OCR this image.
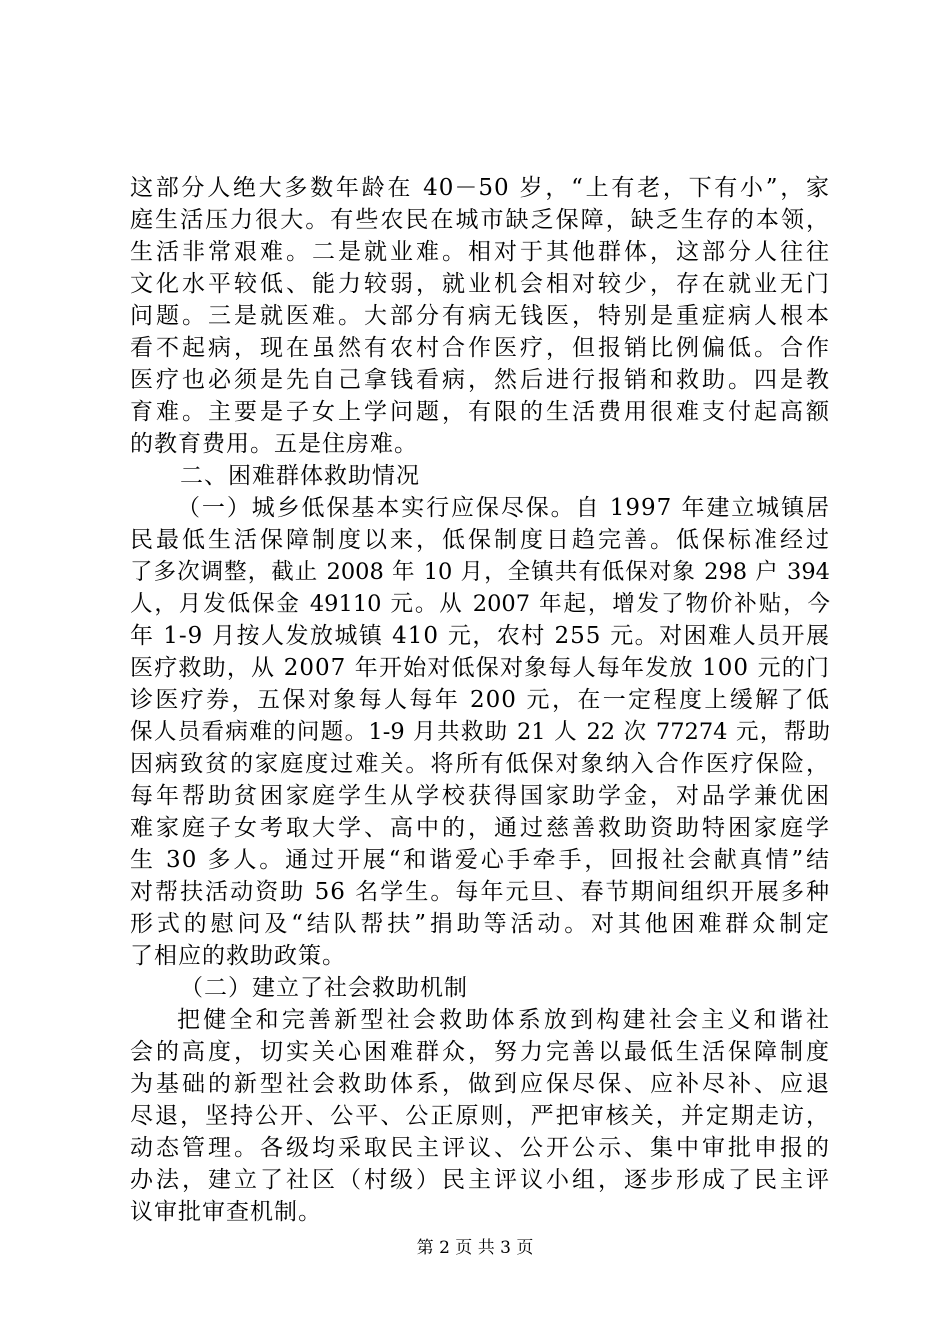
这部分人绝大多数年龄在 40－50 岁，“上有老，下有小”，家
庭生活压力很大。有些农民在城市缺乏保障，缺乏生存的本领，
生活非常艰难。二是就业难。相对于其他群体，这部分人往往
文化水平较低、能力较弱，就业机会相对较少，存在就业无门
问题。三是就医难。大部分有病无钱医，特别是重症病人根本
看不起病，现在虽然有农村合作医疗，但报销比例偏低。合作
医疗也必须是先自己拿钱看病，然后进行报销和救助。四是教
育难。主要是子女上学问题，有限的生活费用很难支付起高额
的教育费用。五是住房难。
二、困难群体救助情况
（一）城乡低保基本实行应保尽保。自 1997 年建立城镇居
民最低生活保障制度以来，低保制度日趋完善。低保标准经过
了多次调整，截止 2008 年 10 月，全镇共有低保对象 298 户 394
人，月发低保金 49110 元。从 2007 年起，增发了物价补贴，今
年 1-9 月按人发放城镇 410 元，农村 255 元。对困难人员开展
医疗救助，从 2007 年开始对低保对象每人每年发放 100 元的门
诊医疗券，五保对象每人每年 200 元，在一定程度上缓解了低
保人员看病难的问题。1-9 月共救助 21 人 22 次 77274 元，帮助
因病致贫的家庭度过难关。将所有低保对象纳入合作医疗保险，
每年帮助贫困家庭学生从学校获得国家助学金，对品学兼优困
难家庭子女考取大学、高中的，通过慈善救助资助特困家庭学
生 30 多人。通过开展“和谐爱心手牵手，回报社会献真情”结
对帮扶活动资助 56 名学生。每年元旦、春节期间组织开展多种
形式的慰问及“结队帮扶”捐助等活动。对其他困难群众制定
了相应的救助政策。
（二）建立了社会救助机制
把健全和完善新型社会救助体系放到构建社会主义和谐社
会的高度，切实关心困难群众，努力完善以最低生活保障制度
为基础的新型社会救助体系，做到应保尽保、应补尽补、应退
尽退，坚持公开、公平、公正原则，严把审核关，并定期走访，
动态管理。各级均采取民主评议、公开公示、集中审批申报的
办法，建立了社区（村级）民主评议小组，逐步形成了民主评
议审批审查机制。
第 2 页 共 3 页
